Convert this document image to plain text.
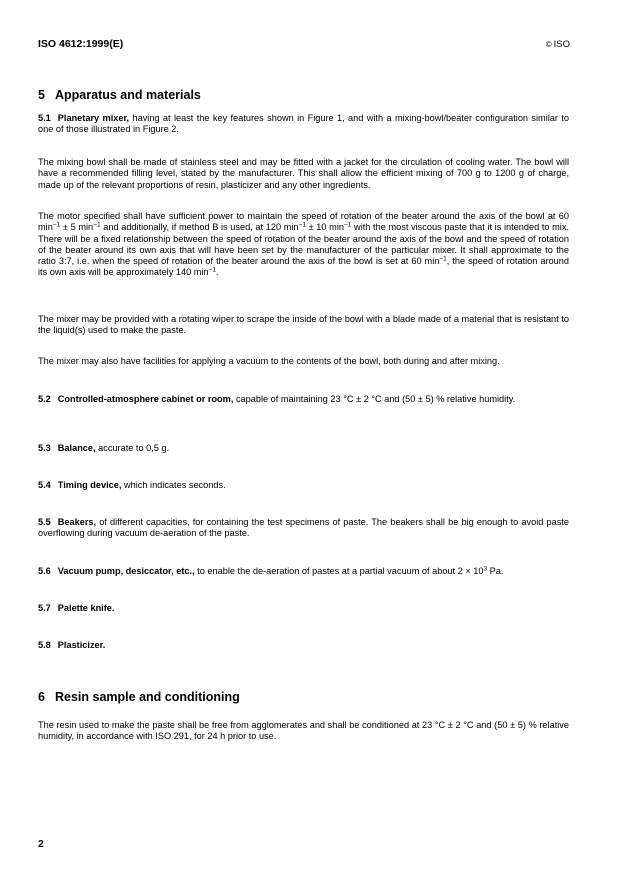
ISO 4612:1999(E)	© ISO
5 Apparatus and materials
5.1 Planetary mixer, having at least the key features shown in Figure 1, and with a mixing-bowl/beater configuration similar to one of those illustrated in Figure 2.
The mixing bowl shall be made of stainless steel and may be fitted with a jacket for the circulation of cooling water. The bowl will have a recommended filling level, stated by the manufacturer. This shall allow the efficient mixing of 700 g to 1200 g of charge, made up of the relevant proportions of resin, plasticizer and any other ingredients.
The motor specified shall have sufficient power to maintain the speed of rotation of the beater around the axis of the bowl at 60 $\min^{-1} \pm 5$ $\min^{-1}$ and additionally, if method B is used, at 120 $\min^{-1} \pm 10$ $\min^{-1}$ with the most viscous paste that it is intended to mix. There will be a fixed relationship between the speed of rotation of the beater around the axis of the bowl and the speed of rotation of the beater around its own axis that will have been set by the manufacturer of the particular mixer. It shall approximate to the ratio 3:7, i.e. when the speed of rotation of the beater around the axis of the bowl is set at 60 $\min^{-1}$, the speed of rotation around its own axis will be approximately 140 $\min^{-1}$.
The mixer may be provided with a rotating wiper to scrape the inside of the bowl with a blade made of a material that is resistant to the liquid(s) used to make the paste.
The mixer may also have facilities for applying a vacuum to the contents of the bowl, both during and after mixing.
5.2 Controlled-atmosphere cabinet or room, capable of maintaining 23 °C ± 2 °C and (50 ± 5) % relative humidity.
5.3 Balance, accurate to 0,5 g.
5.4 Timing device, which indicates seconds.
5.5 Beakers, of different capacities, for containing the test specimens of paste. The beakers shall be big enough to avoid paste overflowing during vacuum de-aeration of the paste.
5.6 Vacuum pump, desiccator, etc., to enable the de-aeration of pastes at a partial vacuum of about $2 \times 10^3$ Pa.
5.7 Palette knife.
5.8 Plasticizer.
6 Resin sample and conditioning
The resin used to make the paste shall be free from agglomerates and shall be conditioned at 23 °C ± 2 °C and (50 ± 5) % relative humidity, in accordance with ISO 291, for 24 h prior to use.
2
